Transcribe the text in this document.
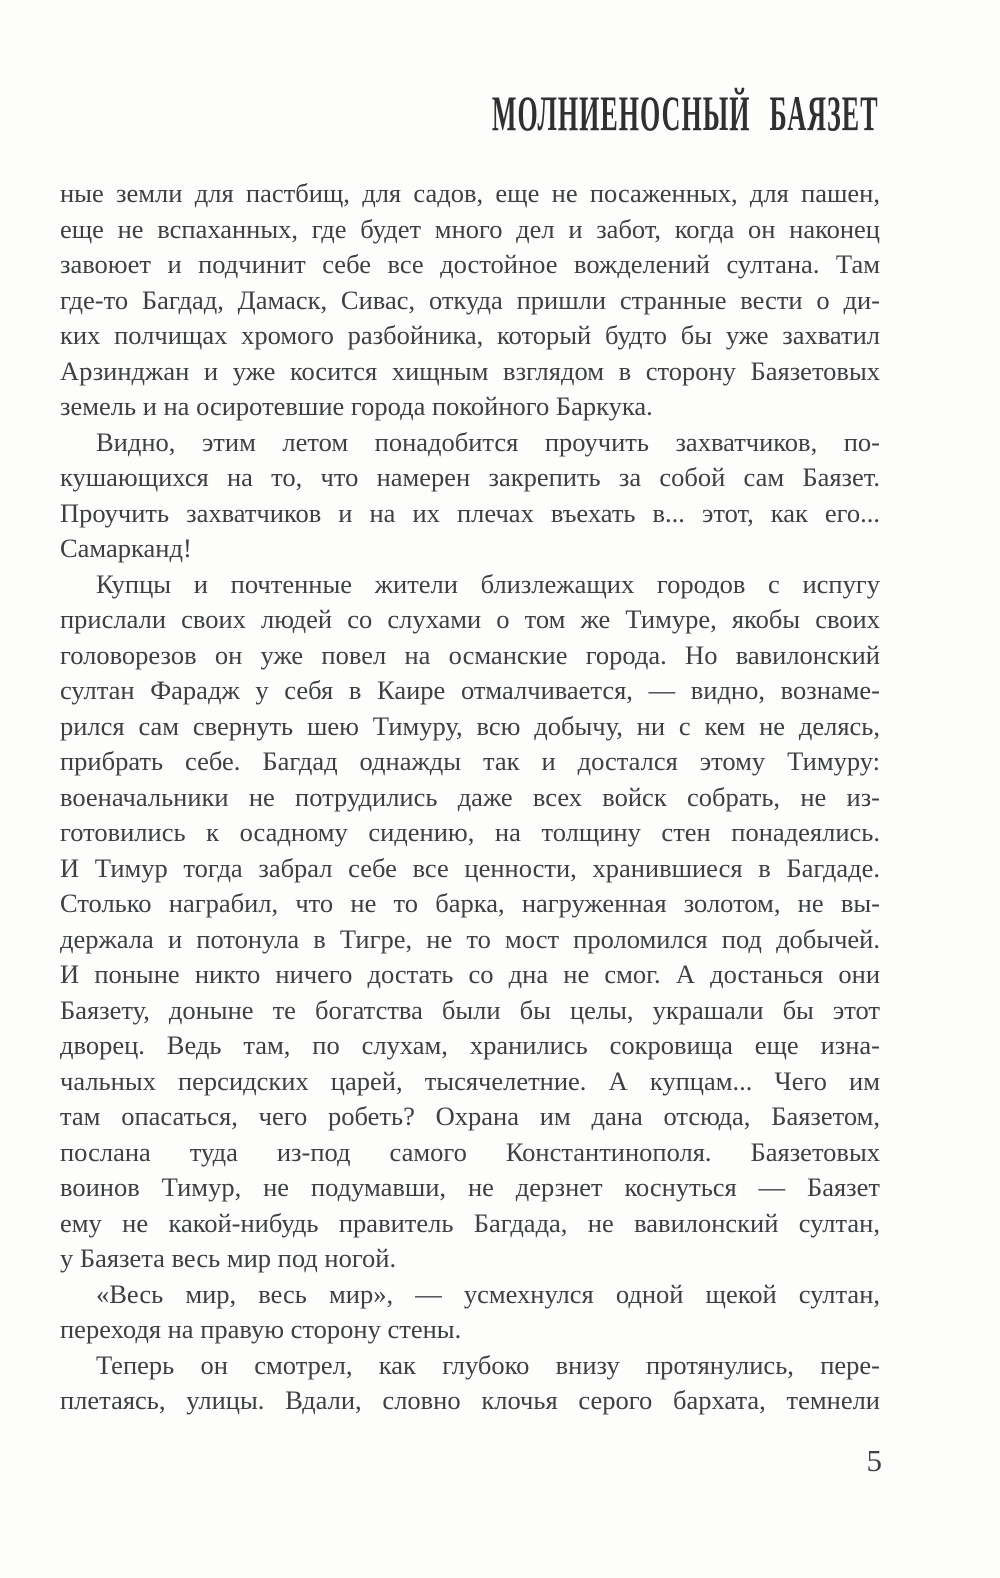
МОЛНИЕНОСНЫЙ БАЯЗЕТ
ные земли для пастбищ, для садов, еще не посаженных, для пашен,
еще не вспаханных, где будет много дел и забот, когда он наконец
завоюет и подчинит себе все достойное вожделений султана. Там
где-то Багдад, Дамаск, Сивас, откуда пришли странные вести о ди-
ких полчищах хромого разбойника, который будто бы уже захватил
Арзинджан и уже косится хищным взглядом в сторону Баязетовых
земель и на осиротевшие города покойного Баркука.
Видно, этим летом понадобится проучить захватчиков, по-
кушающихся на то, что намерен закрепить за собой сам Баязет.
Проучить захватчиков и на их плечах въехать в... этот, как его...
Самарканд!
Купцы и почтенные жители близлежащих городов с испугу
прислали своих людей со слухами о том же Тимуре, якобы своих
головорезов он уже повел на османские города. Но вавилонский
султан Фарадж у себя в Каире отмалчивается, — видно, вознаме-
рился сам свернуть шею Тимуру, всю добычу, ни с кем не делясь,
прибрать себе. Багдад однажды так и достался этому Тимуру:
военачальники не потрудились даже всех войск собрать, не из-
готовились к осадному сидению, на толщину стен понадеялись.
И Тимур тогда забрал себе все ценности, хранившиеся в Багдаде.
Столько награбил, что не то барка, нагруженная золотом, не вы-
держала и потонула в Тигре, не то мост проломился под добычей.
И поныне никто ничего достать со дна не смог. А достанься они
Баязету, доныне те богатства были бы целы, украшали бы этот
дворец. Ведь там, по слухам, хранились сокровища еще изна-
чальных персидских царей, тысячелетние. А купцам... Чего им
там опасаться, чего робеть? Охрана им дана отсюда, Баязетом,
послана туда из-под самого Константинополя. Баязетовых
воинов Тимур, не подумавши, не дерзнет коснуться — Баязет
ему не какой-нибудь правитель Багдада, не вавилонский султан,
у Баязета весь мир под ногой.
«Весь мир, весь мир», — усмехнулся одной щекой султан,
переходя на правую сторону стены.
Теперь он смотрел, как глубоко внизу протянулись, пере-
плетаясь, улицы. Вдали, словно клочья серого бархата, темнели
5
